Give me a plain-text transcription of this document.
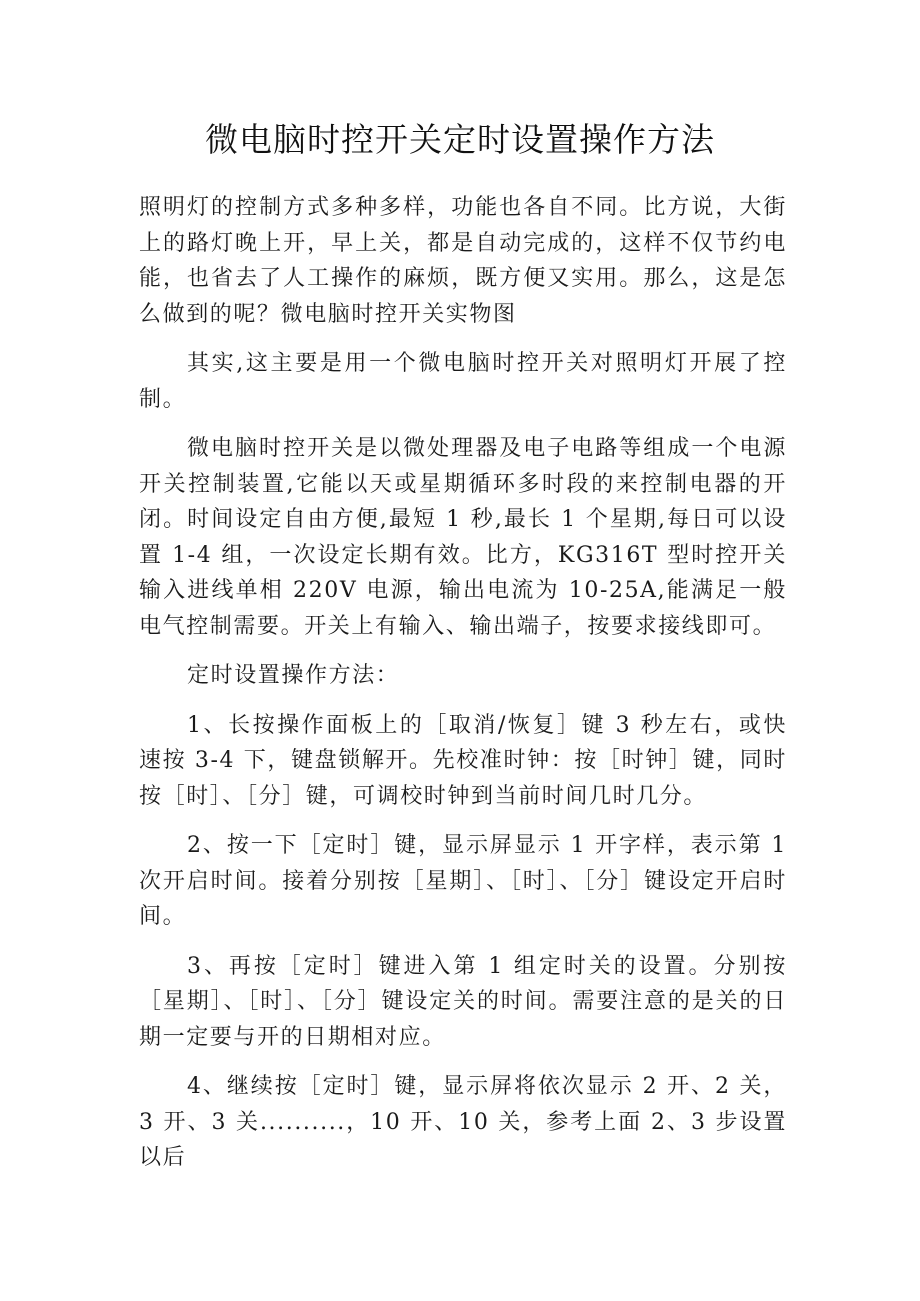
微电脑时控开关定时设置操作方法

照明灯的控制方式多种多样，功能也各自不同。比方说，大街上的路灯晚上开，早上关，都是自动完成的，这样不仅节约电能，也省去了人工操作的麻烦，既方便又实用。那么，这是怎么做到的呢？微电脑时控开关实物图

其实,这主要是用一个微电脑时控开关对照明灯开展了控制。

微电脑时控开关是以微处理器及电子电路等组成一个电源开关控制装置,它能以天或星期循环多时段的来控制电器的开闭。时间设定自由方便,最短 1 秒,最长 1 个星期,每日可以设置 1-4 组，一次设定长期有效。比方，KG316T 型时控开关输入进线单相 220V 电源，输出电流为 10-25A,能满足一般电气控制需要。开关上有输入、输出端子，按要求接线即可。

定时设置操作方法：

1、长按操作面板上的［取消/恢复］键 3 秒左右，或快速按 3-4 下，键盘锁解开。先校准时钟：按［时钟］键，同时按［时］、［分］键，可调校时钟到当前时间几时几分。

2、按一下［定时］键，显示屏显示 1 开字样，表示第 1 次开启时间。接着分别按［星期］、［时］、［分］键设定开启时间。

3、再按［定时］键进入第 1 组定时关的设置。分别按［星期］、［时］、［分］键设定关的时间。需要注意的是关的日期一定要与开的日期相对应。

4、继续按［定时］键，显示屏将依次显示 2 开、2 关，3 开、3 关..........，10 开、10 关，参考上面 2、3 步设置以后
